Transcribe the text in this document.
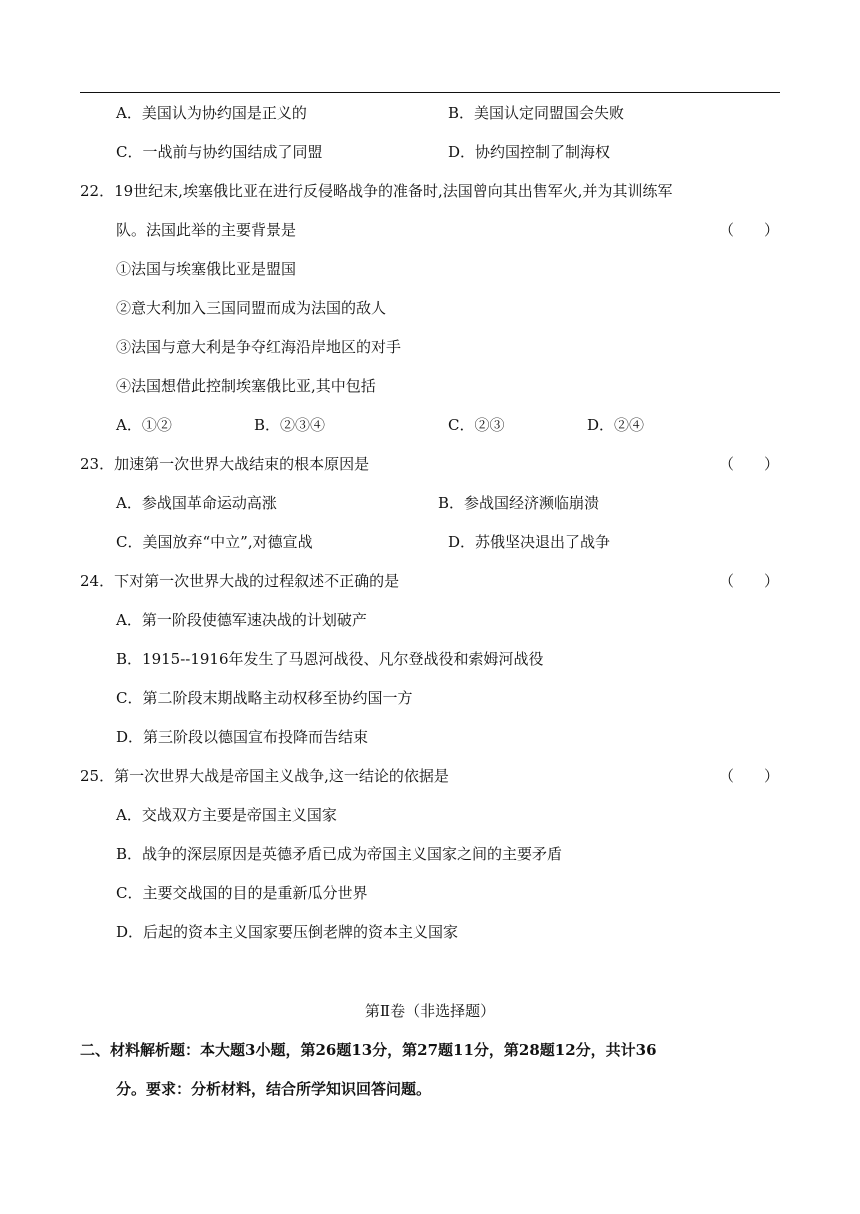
A．美国认为协约国是正义的	B．美国认定同盟国会失败
C．一战前与协约国结成了同盟	D．协约国控制了制海权
22．19世纪末,埃塞俄比亚在进行反侵略战争的准备时,法国曾向其出售军火,并为其训练军
队。法国此举的主要背景是	（　　）
①法国与埃塞俄比亚是盟国
②意大利加入三国同盟而成为法国的敌人
③法国与意大利是争夺红海沿岸地区的对手
④法国想借此控制埃塞俄比亚,其中包括
A．①②	B．②③④	C．②③	D．②④
23．加速第一次世界大战结束的根本原因是	（　　）
A．参战国革命运动高涨	B．参战国经济濒临崩溃
C．美国放弃“中立”,对德宣战	D．苏俄坚决退出了战争
24．下对第一次世界大战的过程叙述不正确的是	（　　）
A．第一阶段使德军速决战的计划破产
B．1915--1916年发生了马恩河战役、凡尔登战役和索姆河战役
C．第二阶段末期战略主动权移至协约国一方
D．第三阶段以德国宣布投降而告结束
25．第一次世界大战是帝国主义战争,这一结论的依据是	（　　）
A．交战双方主要是帝国主义国家
B．战争的深层原因是英德矛盾已成为帝国主义国家之间的主要矛盾
C．主要交战国的目的是重新瓜分世界
D．后起的资本主义国家要压倒老牌的资本主义国家
第Ⅱ卷（非选择题）
二、材料解析题：本大题3小题，第26题13分，第27题11分，第28题12分，共计36
分。要求：分析材料，结合所学知识回答问题。
